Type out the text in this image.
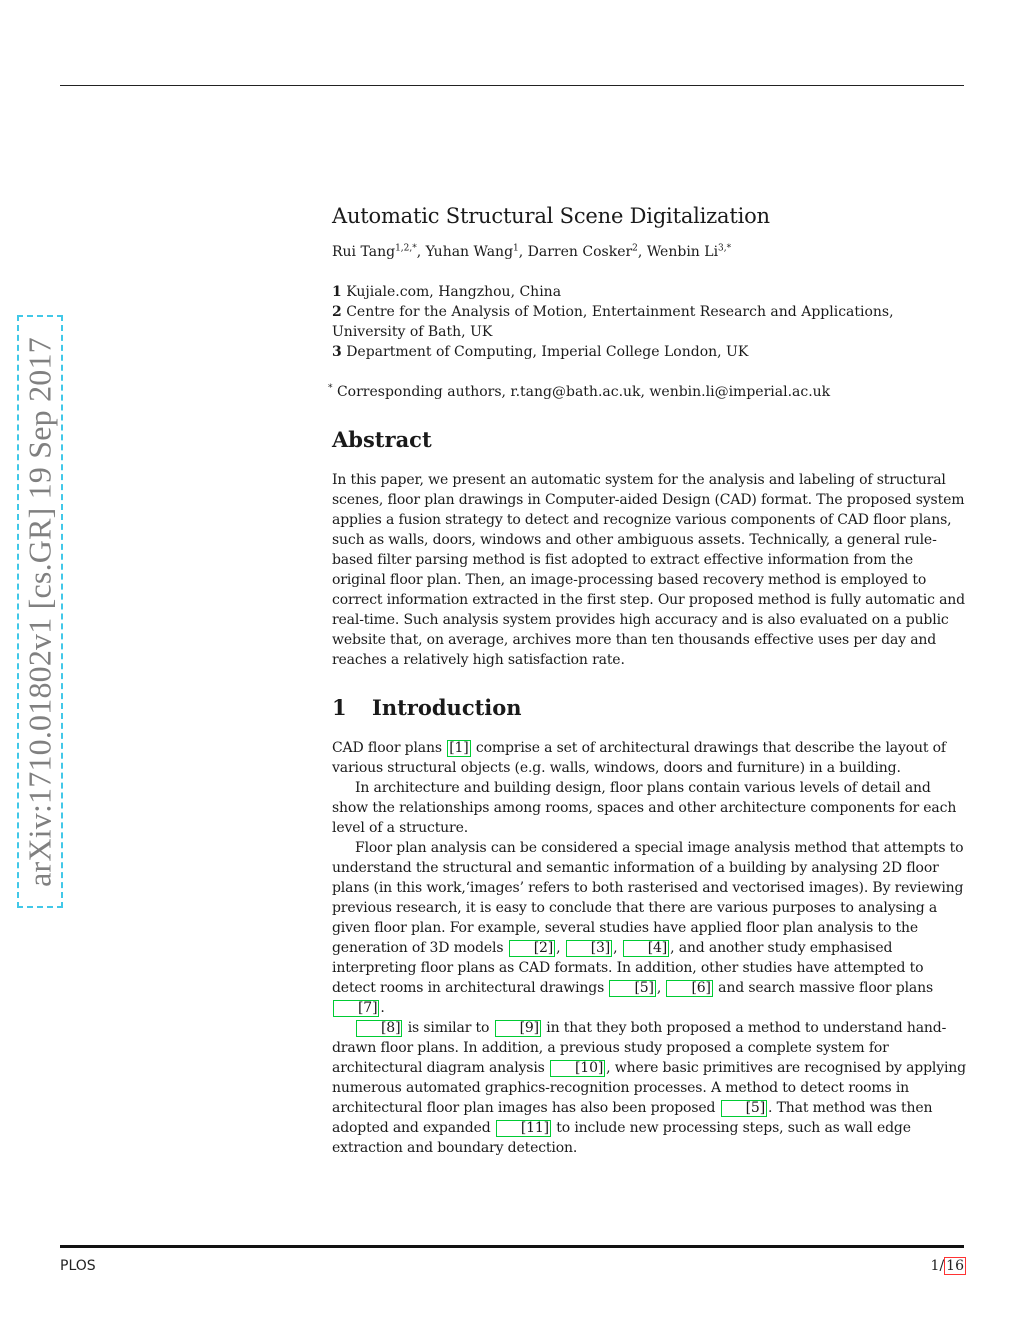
arXiv:1710.01802v1 [cs.GR] 19 Sep 2017
Automatic Structural Scene Digitalization
Rui Tang$^{1,2,*}$, Yuhan Wang$^1$, Darren Cosker$^2$, Wenbin $Li^{3,*}$
1 Kujiale.com, Hangzhou, China
2 Centre for the Analysis of Motion, Entertainment Research and Applications, University of Bath, UK
3 Department of Computing, Imperial College London, UK
* Corresponding authors, r.tang@bath.ac.uk, wenbin.li@imperial.ac.uk
Abstract

In this paper, we present an automatic system for the analysis and labeling of structural scenes, floor plan drawings in Computer-aided Design (CAD) format. The proposed system applies a fusion strategy to detect and recognize various components of CAD floor plans, such as walls, doors, windows and other ambiguous assets. Technically, a general rule-based filter parsing method is fist adopted to extract effective information from the original floor plan. Then, an image-processing based recovery method is employed to correct information extracted in the first step. Our proposed method is fully automatic and real-time. Such analysis system provides high accuracy and is also evaluated on a public website that, on average, archives more than ten thousands effective uses per day and reaches a relatively high satisfaction rate.

1 Introduction

CAD floor plans [1] comprise a set of architectural drawings that describe the layout of various structural objects (e.g. walls, windows, doors and furniture) in a building.

In architecture and building design, floor plans contain various levels of detail and show the relationships among rooms, spaces and other architecture components for each level of a structure.

Floor plan analysis can be considered a special image analysis method that attempts to understand the structural and semantic information of a building by analysing 2D floor plans (in this work,‘images’ refers to both rasterised and vectorised images). By reviewing previous research, it is easy to conclude that there are various purposes to analysing a given floor plan. For example, several studies have applied floor plan analysis to the generation of 3D models [2] , [3] , [4] , and another study emphasised interpreting floor plans as CAD formats. In addition, other studies have attempted to detect rooms in architectural drawings [5] , [6] and search massive floor plans [7] .

[8] is similar to [9] in that they both proposed a method to understand hand-drawn floor plans. In addition, a previous study proposed a complete system for architectural diagram analysis [10] , where basic primitives are recognised by applying numerous automated graphics-recognition processes. A method to detect rooms in architectural floor plan images has also been proposed [5] . That method was then adopted and expanded [11] to include new processing steps, such as wall edge extraction and boundary detection.

PLOS	1/ 16
